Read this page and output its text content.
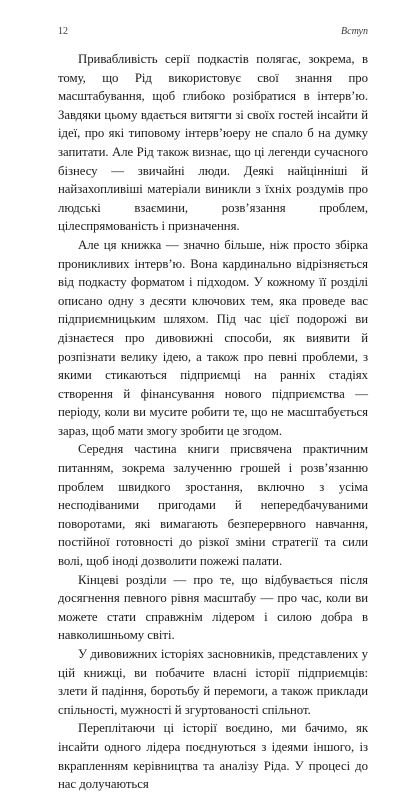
12	Вступ

Привабливість серії подкастів полягає, зокрема, в тому, що Рід використовує свої знання про масштабування, щоб глибоко розібратися в інтерв’ю. Завдяки цьому вдається витягти зі своїх гостей інсайти й ідеї, про які типовому інтерв’юеру не спало б на думку запитати. Але Рід також визнає, що ці легенди сучасного бізнесу — звичайні люди. Деякі найцінніші й найзахопливіші матеріали виникли з їхніх роздумів про людські взаємини, розв’язання проблем, цілеспрямованість і призначення.

Але ця книжка — значно більше, ніж просто збірка проникливих інтерв’ю. Вона кардинально відрізняється від подкасту форматом і підходом. У кожному її розділі описано одну з десяти ключових тем, яка проведе вас підприємницьким шляхом. Під час цієї подорожі ви дізнаєтеся про дивовижні способи, як виявити й розпізнати велику ідею, а також про певні проблеми, з якими стикаються підприємці на ранніх стадіях створення й фінансування нового підприємства — періоду, коли ви мусите робити те, що не масштабується зараз, щоб мати змогу зробити це згодом.

Середня частина книги присвячена практичним питанням, зокрема залученню грошей і розв’язанню проблем швидкого зростання, включно з усіма несподіваними пригодами й непередбачуваними поворотами, які вимагають безперервного навчання, постійної готовності до різкої зміни стратегії та сили волі, щоб іноді дозволити пожежі палати.

Кінцеві розділи — про те, що відбувається після досягнення певного рівня масштабу — про час, коли ви можете стати справжнім лідером і силою добра в навколишньому світі.

У дивовижних історіях засновників, представлених у цій книжці, ви побачите власні історії підприємців: злети й падіння, боротьбу й перемоги, а також приклади спільності, мужності й згуртованості спільнот.

Переплітаючи ці історії воєдино, ми бачимо, як інсайти одного лідера поєднуються з ідеями іншого, із вкрапленням керівництва та аналізу Ріда. У процесі до нас долучаються
